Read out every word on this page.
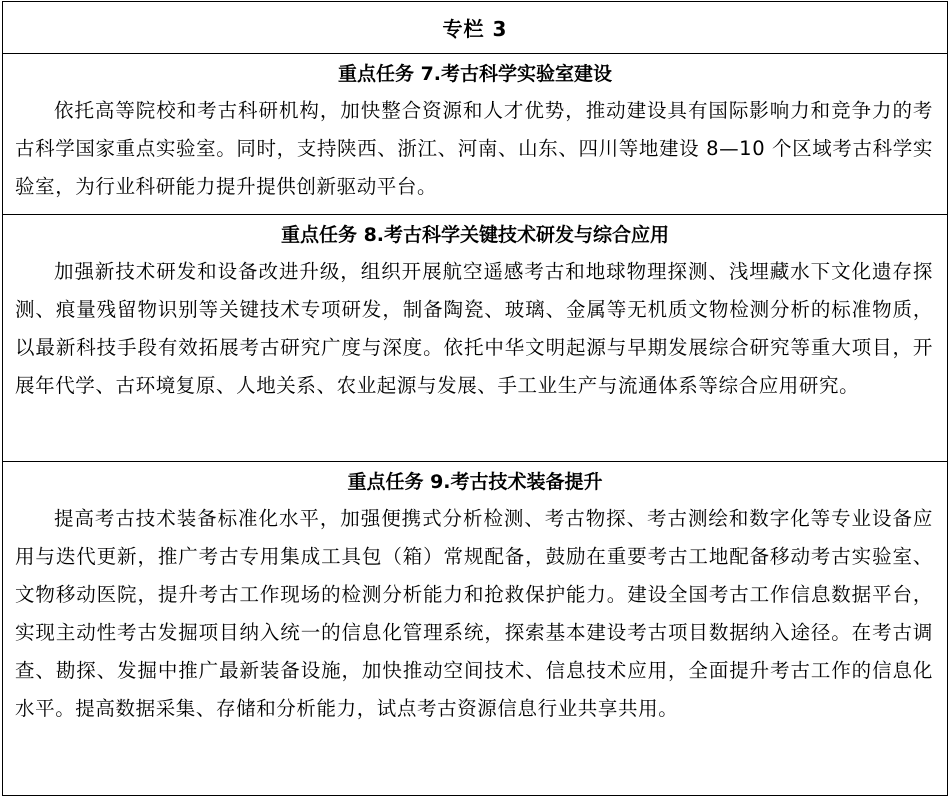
专栏 3
重点任务 7.考古科学实验室建设

依托高等院校和考古科研机构，加快整合资源和人才优势，推动建设具有国际影响力和竞争力的考古科学国家重点实验室。同时，支持陕西、浙江、河南、山东、四川等地建设 8—10 个区域考古科学实验室，为行业科研能力提升提供创新驱动平台。

重点任务 8.考古科学关键技术研发与综合应用

加强新技术研发和设备改进升级，组织开展航空遥感考古和地球物理探测、浅埋藏水下文化遗存探测、痕量残留物识别等关键技术专项研发，制备陶瓷、玻璃、金属等无机质文物检测分析的标准物质，以最新科技手段有效拓展考古研究广度与深度。依托中华文明起源与早期发展综合研究等重大项目，开展年代学、古环境复原、人地关系、农业起源与发展、手工业生产与流通体系等综合应用研究。

重点任务 9.考古技术装备提升

提高考古技术装备标准化水平，加强便携式分析检测、考古物探、考古测绘和数字化等专业设备应用与迭代更新，推广考古专用集成工具包（箱）常规配备，鼓励在重要考古工地配备移动考古实验室、文物移动医院，提升考古工作现场的检测分析能力和抢救保护能力。建设全国考古工作信息数据平台，实现主动性考古发掘项目纳入统一的信息化管理系统，探索基本建设考古项目数据纳入途径。在考古调查、勘探、发掘中推广最新装备设施，加快推动空间技术、信息技术应用，全面提升考古工作的信息化水平。提高数据采集、存储和分析能力，试点考古资源信息行业共享共用。
